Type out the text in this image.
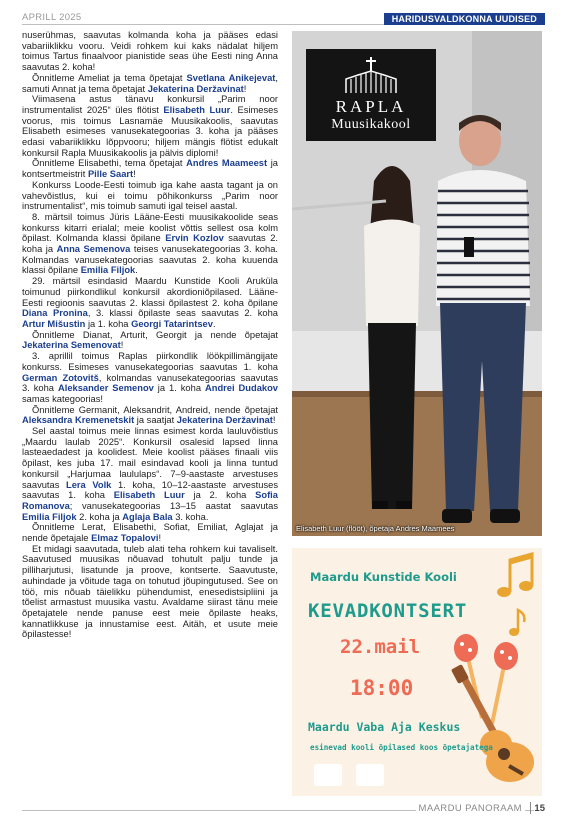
APRILL 2025	HARIDUSVALDKONNA UUDISED

nuserühmas, saavutas kolmanda koha ja pääses edasi vabariiklikku vooru. Veidi rohkem kui kaks nädalat hiljem toimus Tartus finaalvoor pianistide seas ühe Eesti ning Anna saavutas 2. koha!

Õnnitleme Ameliat ja tema õpetajat Svetlana Anikejevat, samuti Annat ja tema õpetajat Jekaterina Deržavinat!

Viimasena astus tänavu konkursil „Parim noor instrumentalist 2025“ üles flötist Elisabeth Luur. Esimeses voorus, mis toimus Lasnamäe Muusikakoolis, saavutas Elisabeth esimeses vanusekategoorias 3. koha ja pääses edasi vabariiklikku lõppvooru; hiljem mängis flötist edukalt konkursil Rapla Muusikakoolis ja pälvis diplomi!

Õnnitleme Elisabethi, tema õpetajat Andres Maameest ja kontsertmeistrit Pille Saart!

Konkurss Loode-Eesti toimub iga kahe aasta tagant ja on vahevõistlus, kui ei toimu põhikonkurss „Parim noor instrumentalist“, mis toimub samuti igal teisel aastal.

8. märtsil toimus Jüris Lääne-Eesti muusikakoolide seas konkurss kitarri erialal; meie koolist võttis sellest osa kolm õpilast. Kolmanda klassi õpilane Ervin Kozlov saavutas 2. koha ja Anna Semenova teises vanusekategoorias 3. koha. Kolmandas vanusekategoorias saavutas 2. koha kuuenda klassi õpilane Emilia Filjok.

29. märtsil esindasid Maardu Kunstide Kooli Aruküla toimunud piirkondlikul konkursil akordioniõpilased. Lääne-Eesti regioonis saavutas 2. klassi õpilastest 2. koha õpilane Diana Pronina, 3. klassi õpilaste seas saavutas 2. koha Artur Mišustin ja 1. koha Georgi Tatarintsev.

Õnnitleme Dianat, Arturit, Georgit ja nende õpetajat Jekaterina Semenovat!

3. aprillil toimus Raplas piirkondlik löökpillimängijate konkurss. Esimeses vanusekategoorias saavutas 1. koha German Zotovitš, kolmandas vanusekategoorias saavutas 3. koha Aleksander Semenov ja 1. koha Andrei Dudakov samas kategoorias!

Õnnitleme Germanit, Aleksandrit, Andreid, nende õpetajat Aleksandra Kremenetskit ja saatjat Jekaterina Deržavinat!

Sel aastal toimus meie linnas esimest korda lauluvõistlus „Maardu laulab 2025“. Konkursil osalesid lapsed linna lasteaedadest ja koolidest. Meie koolist pääses finaali viis õpilast, kes juba 17. mail esindavad kooli ja linna tuntud konkursil „Harjumaa laululaps“. 7–9-aastaste arvestuses saavutas Lera Volk 1. koha, 10–12-aastaste arvestuses saavutas 1. koha Elisabeth Luur ja 2. koha Sofia Romanova; vanusekategoorias 13–15 aastat saavutas Emilia Filjok 2. koha ja Aglaja Bala 3. koha.

Õnnitleme Lerat, Elisabethi, Sofiat, Emiliat, Aglajat ja nende õpetajale Elmaz Topalovi!

Et midagi saavutada, tuleb alati teha rohkem kui tavaliselt. Saavutused muusikas nõuavad tohutult palju tunde ja pilliharjutusi, lisatunde ja proove, kontserte. Saavutuste, auhindade ja võitude taga on tohutud jõupingutused. See on töö, mis nõuab täielikku pühendumist, enesedistsipliini ja tõelist armastust muusika vastu. Avaldame siirast tänu meie õpetajatele nende panuse eest meie õpilaste heaks, kannatlikkuse ja innustamise eest. Aitäh, et usute meie õpilastesse!

RAPLA
Muusikakool
Elisabeth Luur (flööt), õpetaja Andres Maamees
Maardu Kunstide Kooli
KEVADKONTSERT
22.mail
18:00
Maardu Vaba Aja Keskus
esinevad kooli õpilased koos õpetajatega

MAARDU PANORAAM	15
